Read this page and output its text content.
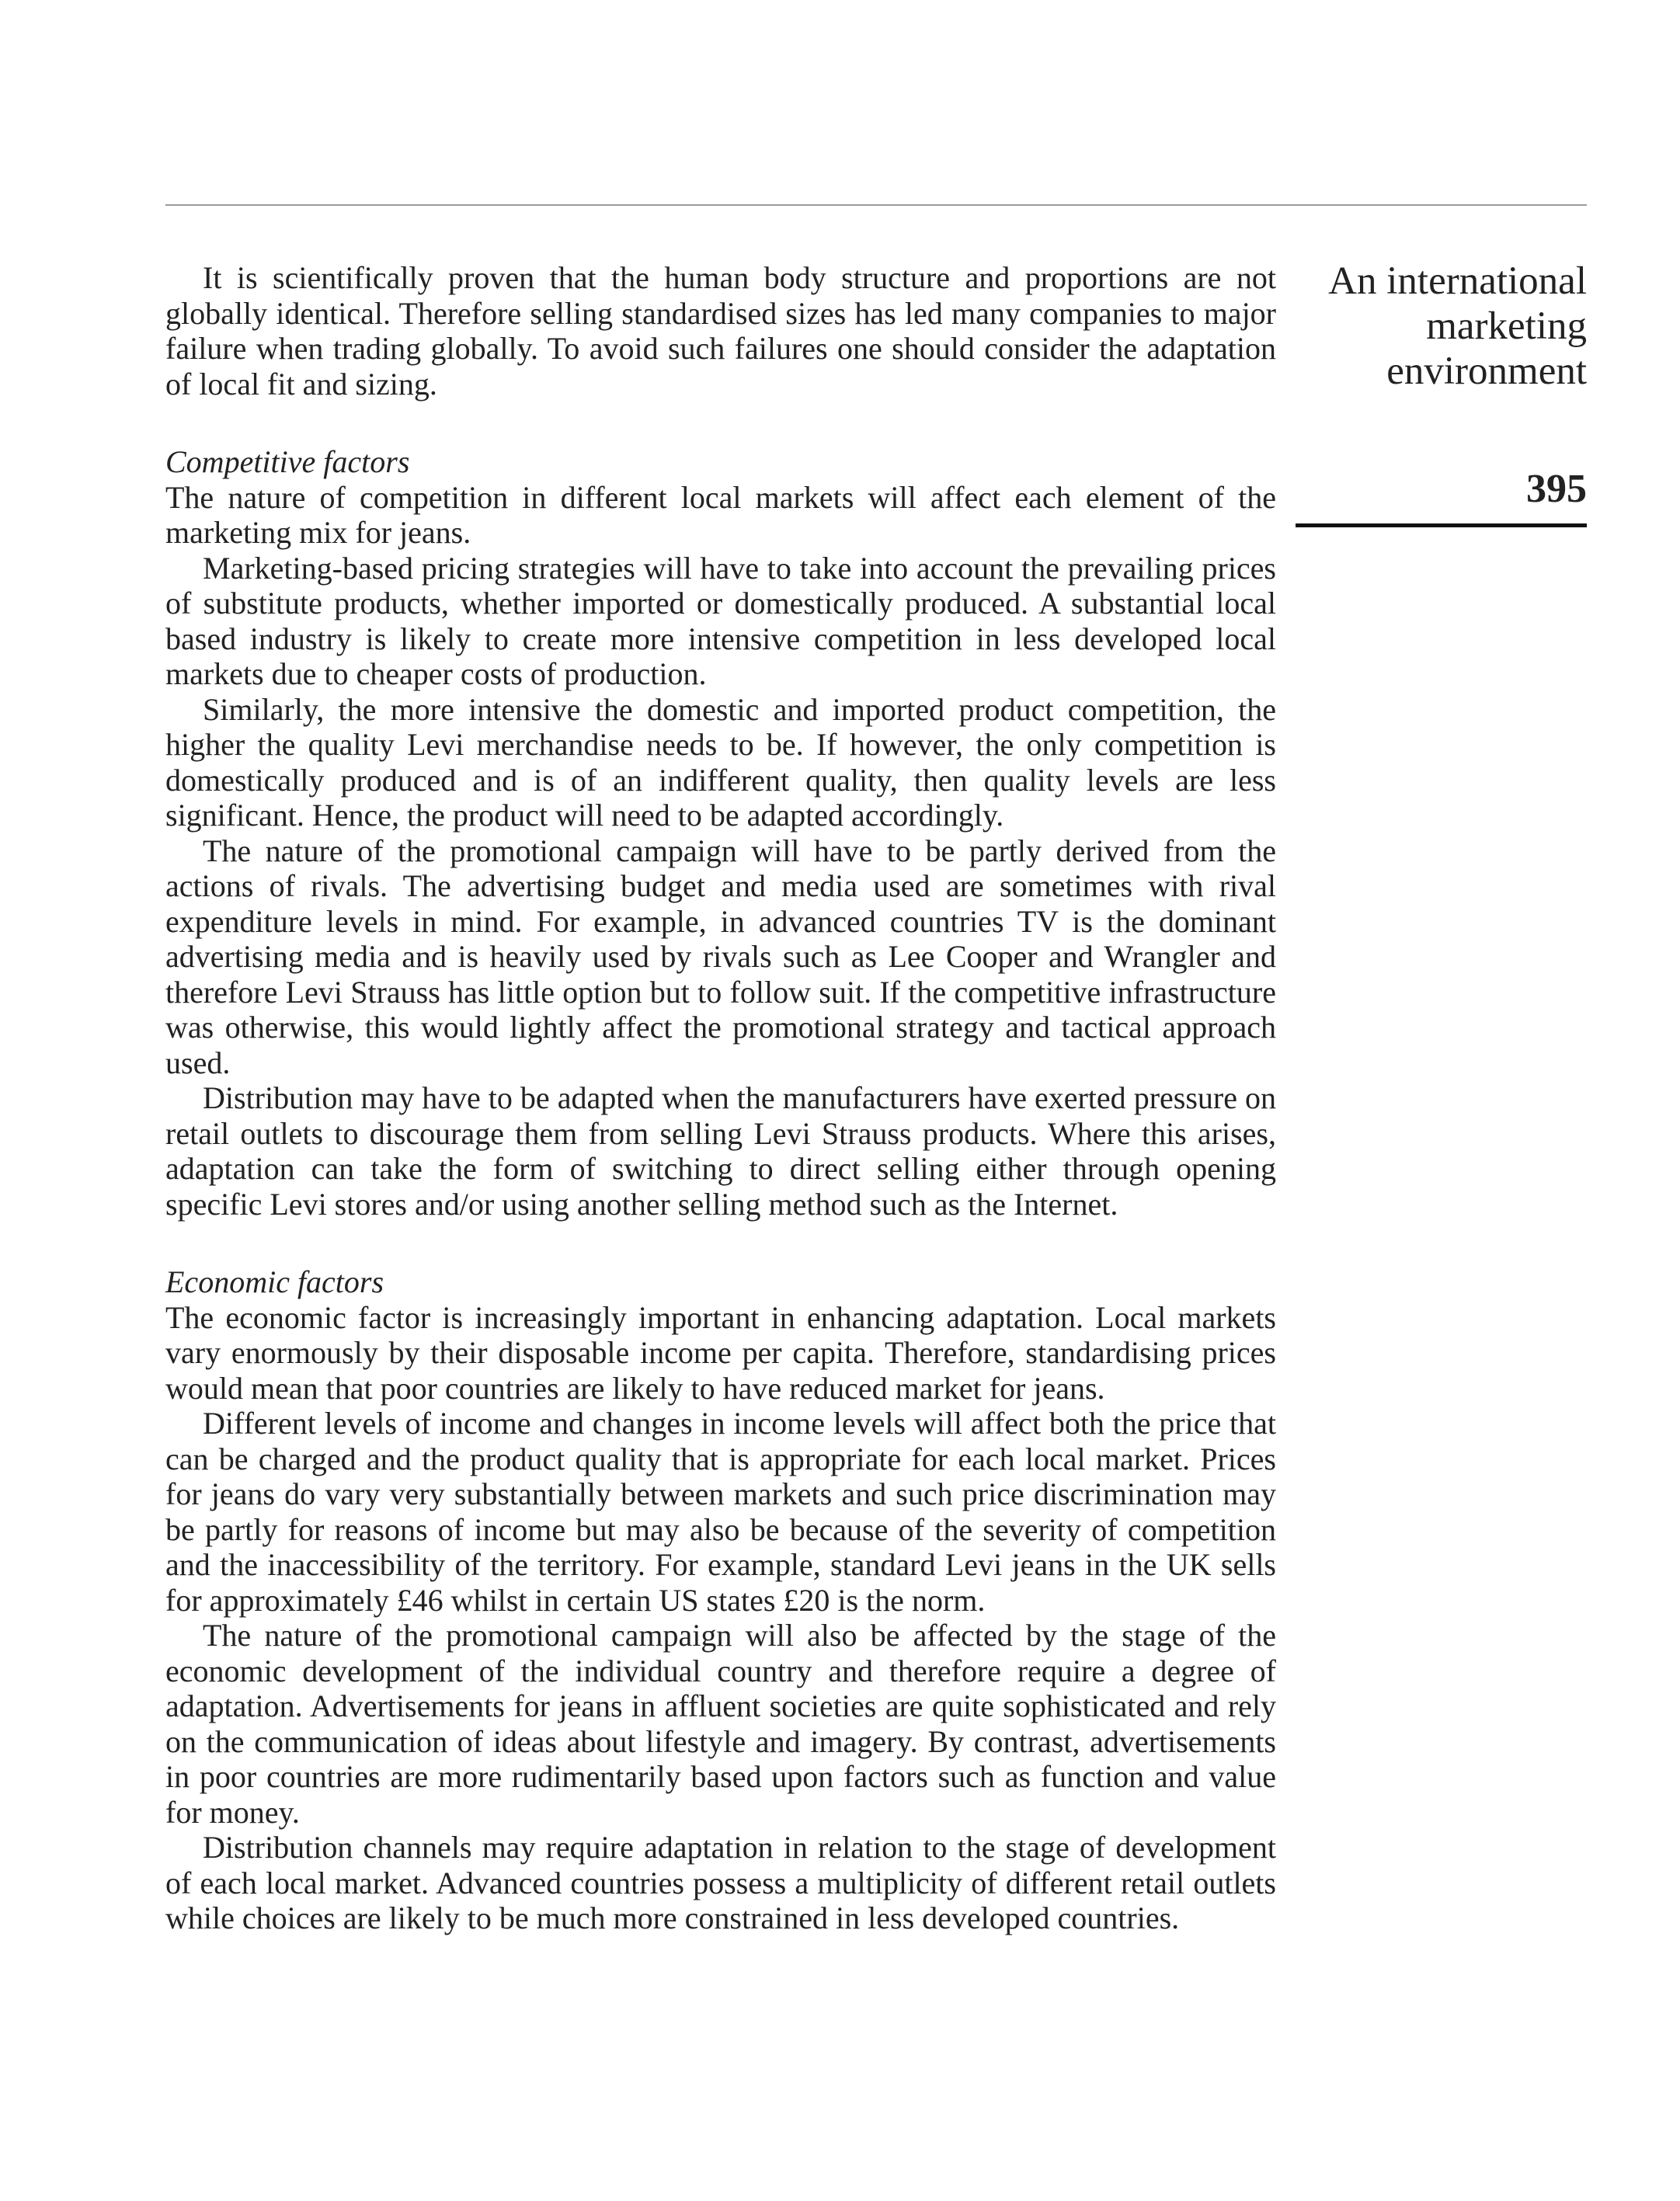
An international
marketing
environment
395

It is scientifically proven that the human body structure and proportions are not globally identical. Therefore selling standardised sizes has led many companies to major failure when trading globally. To avoid such failures one should consider the adaptation of local fit and sizing.

Competitive factors

The nature of competition in different local markets will affect each element of the marketing mix for jeans.

Marketing-based pricing strategies will have to take into account the prevailing prices of substitute products, whether imported or domestically produced. A substantial local based industry is likely to create more intensive competition in less developed local markets due to cheaper costs of production.

Similarly, the more intensive the domestic and imported product competition, the higher the quality Levi merchandise needs to be. If however, the only competition is domestically produced and is of an indifferent quality, then quality levels are less significant. Hence, the product will need to be adapted accordingly.

The nature of the promotional campaign will have to be partly derived from the actions of rivals. The advertising budget and media used are sometimes with rival expenditure levels in mind. For example, in advanced countries TV is the dominant advertising media and is heavily used by rivals such as Lee Cooper and Wrangler and therefore Levi Strauss has little option but to follow suit. If the competitive infrastructure was otherwise, this would lightly affect the promotional strategy and tactical approach used.

Distribution may have to be adapted when the manufacturers have exerted pressure on retail outlets to discourage them from selling Levi Strauss products. Where this arises, adaptation can take the form of switching to direct selling either through opening specific Levi stores and/or using another selling method such as the Internet.

Economic factors

The economic factor is increasingly important in enhancing adaptation. Local markets vary enormously by their disposable income per capita. Therefore, standardising prices would mean that poor countries are likely to have reduced market for jeans.

Different levels of income and changes in income levels will affect both the price that can be charged and the product quality that is appropriate for each local market. Prices for jeans do vary very substantially between markets and such price discrimination may be partly for reasons of income but may also be because of the severity of competition and the inaccessibility of the territory. For example, standard Levi jeans in the UK sells for approximately £46 whilst in certain US states £20 is the norm.

The nature of the promotional campaign will also be affected by the stage of the economic development of the individual country and therefore require a degree of adaptation. Advertisements for jeans in affluent societies are quite sophisticated and rely on the communication of ideas about lifestyle and imagery. By contrast, advertisements in poor countries are more rudimentarily based upon factors such as function and value for money.

Distribution channels may require adaptation in relation to the stage of development of each local market. Advanced countries possess a multiplicity of different retail outlets while choices are likely to be much more constrained in less developed countries.
